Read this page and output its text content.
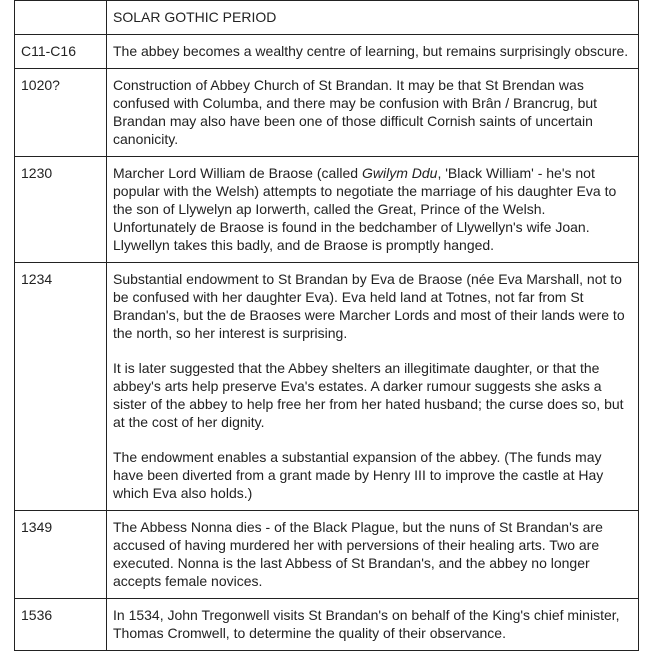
	SOLAR GOTHIC PERIOD
C11-C16	The abbey becomes a wealthy centre of learning, but remains surprisingly obscure.

1020?	Construction of Abbey Church of St Brandan. It may be that St Brendan was confused with Columba, and there may be confusion with Brân / Brancrug, but Brandan may also have been one of those difficult Cornish saints of uncertain canonicity.

1230	Marcher Lord William de Braose (called Gwilym Ddu, 'Black William' - he's not popular with the Welsh) attempts to negotiate the marriage of his daughter Eva to the son of Llywelyn ap Iorwerth, called the Great, Prince of the Welsh. Unfortunately de Braose is found in the bedchamber of Llywellyn's wife Joan. Llywellyn takes this badly, and de Braose is promptly hanged.

1234	Substantial endowment to St Brandan by Eva de Braose (née Eva Marshall, not to be confused with her daughter Eva). Eva held land at Totnes, not far from St Brandan's, but the de Braoses were Marcher Lords and most of their lands were to the north, so her interest is surprising.

It is later suggested that the Abbey shelters an illegitimate daughter, or that the abbey's arts help preserve Eva's estates. A darker rumour suggests she asks a sister of the abbey to help free her from her hated husband; the curse does so, but at the cost of her dignity.

The endowment enables a substantial expansion of the abbey. (The funds may have been diverted from a grant made by Henry III to improve the castle at Hay which Eva also holds.)

1349	The Abbess Nonna dies - of the Black Plague, but the nuns of St Brandan's are accused of having murdered her with perversions of their healing arts. Two are executed. Nonna is the last Abbess of St Brandan's, and the abbey no longer accepts female novices.

1536	In 1534, John Tregonwell visits St Brandan's on behalf of the King's chief minister, Thomas Cromwell, to determine the quality of their observance.
